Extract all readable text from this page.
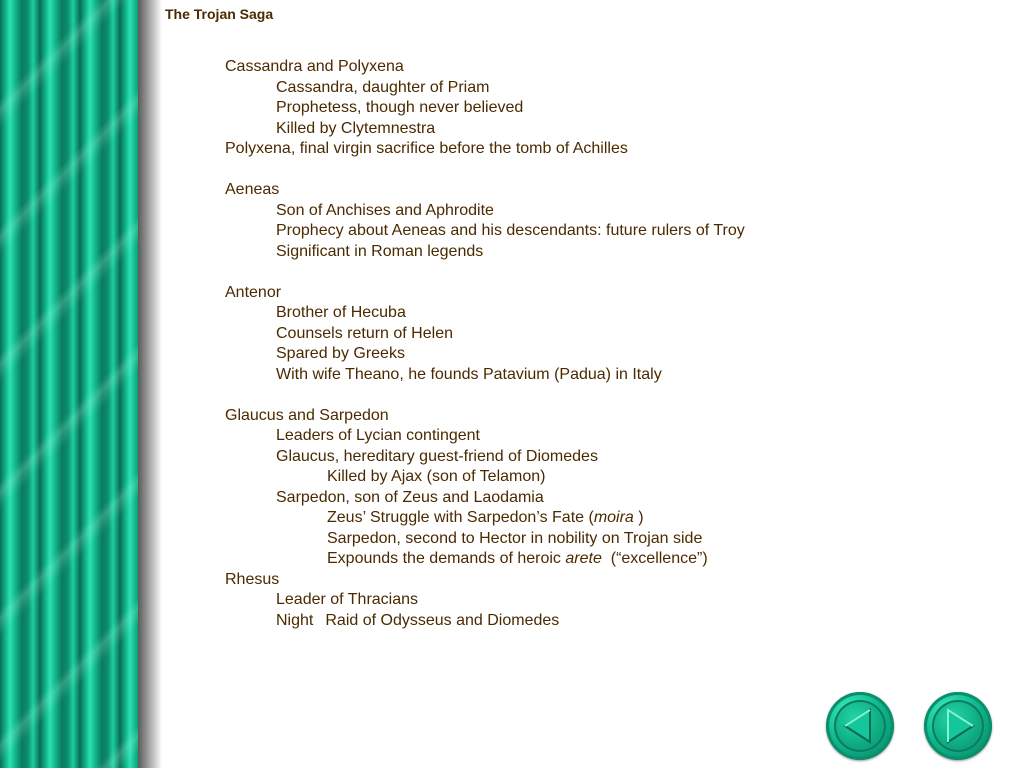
The Trojan Saga
Cassandra and Polyxena
Cassandra, daughter of Priam
Prophetess, though never believed
Killed by Clytemnestra
Polyxena, final virgin sacrifice before the tomb of Achilles
Aeneas
Son of Anchises and Aphrodite
Prophecy about Aeneas and his descendants: future rulers of Troy
Significant in Roman legends
Antenor
Brother of Hecuba
Counsels return of Helen
Spared by Greeks
With wife Theano, he founds Patavium (Padua) in Italy
Glaucus and Sarpedon
Leaders of Lycian contingent
Glaucus, hereditary guest-friend of Diomedes
Killed by Ajax (son of Telamon)
Sarpedon, son of Zeus and Laodamia
Zeus’ Struggle with Sarpedon’s Fate (moira )
Sarpedon, second to Hector in nobility on Trojan side
Expounds the demands of heroic arete  (“excellence”)
Rhesus
Leader of Thracians
Night Raid of Odysseus and Diomedes
